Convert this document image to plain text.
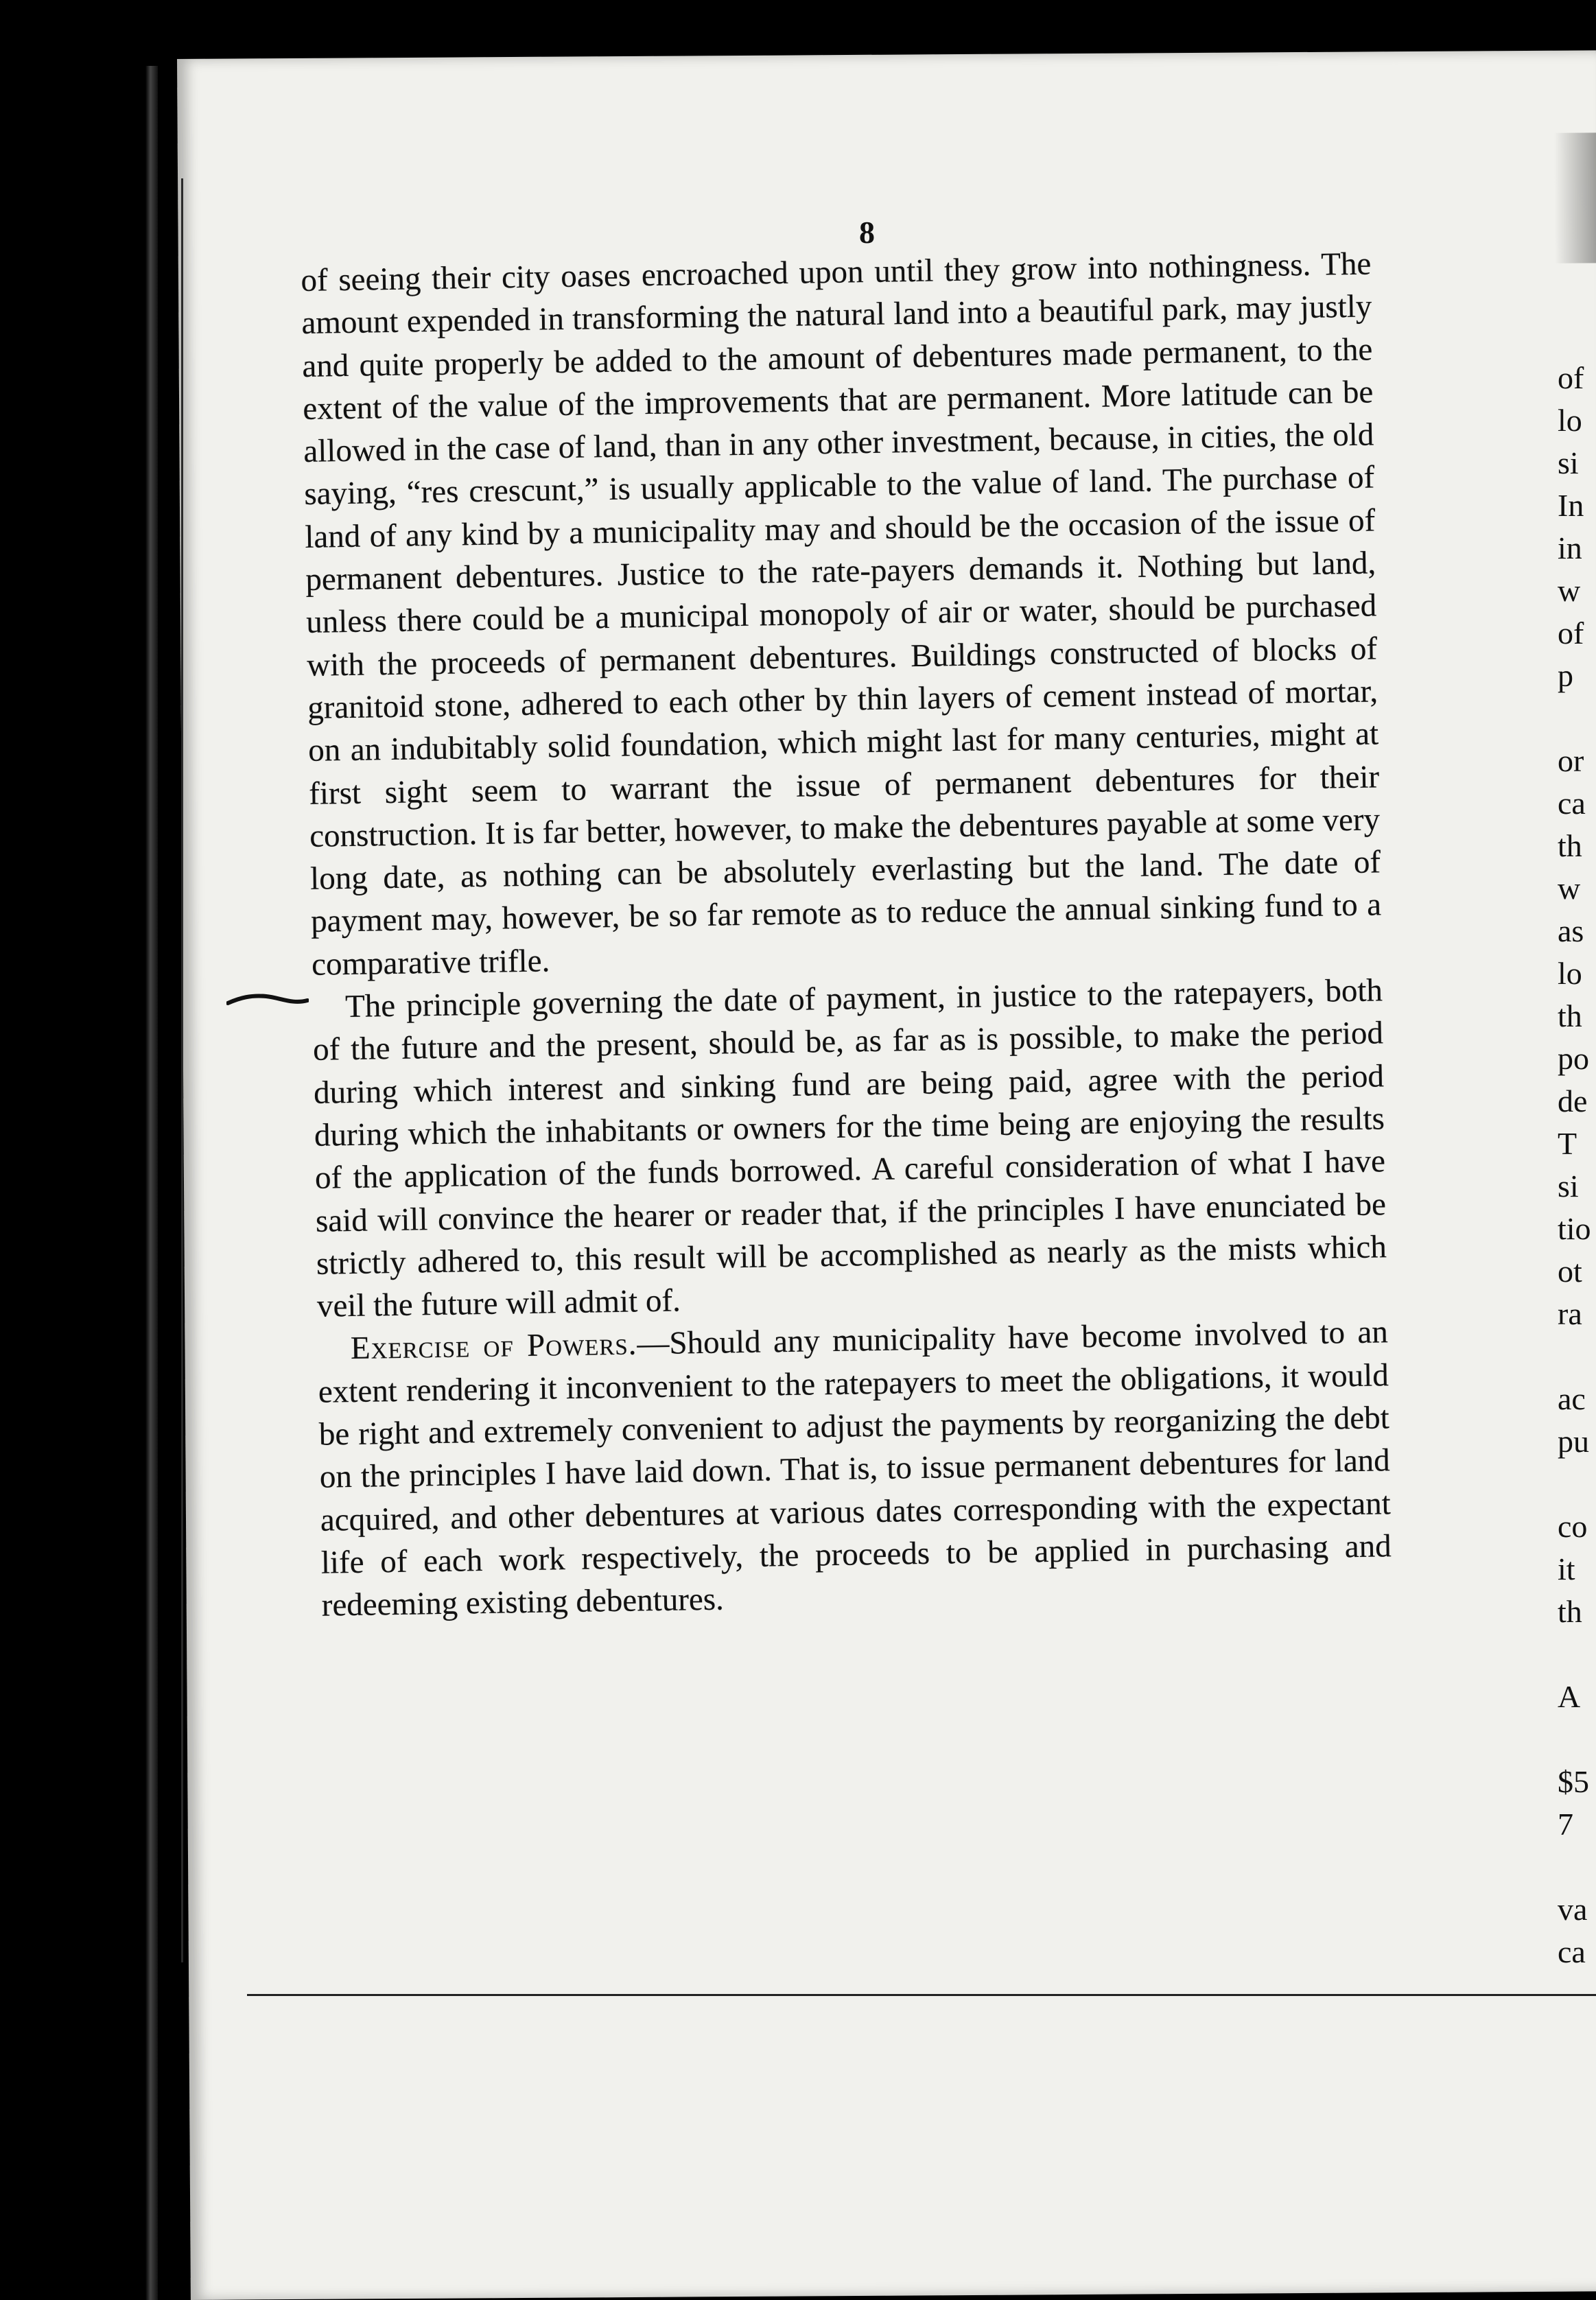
8

of seeing their city oases encroached upon until they grow into nothingness. The amount expended in transforming the natural land into a beautiful park, may justly and quite properly be added to the amount of debentures made permanent, to the extent of the value of the improvements that are permanent. More latitude can be allowed in the case of land, than in any other investment, because, in cities, the old saying, “res crescunt,” is usually applicable to the value of land. The purchase of land of any kind by a municipality may and should be the occasion of the issue of permanent debentures. Justice to the rate-payers demands it. Nothing but land, unless there could be a municipal monopoly of air or water, should be purchased with the proceeds of permanent debentures. Buildings constructed of blocks of granitoid stone, adhered to each other by thin layers of cement instead of mortar, on an indubitably solid foundation, which might last for many centuries, might at first sight seem to warrant the issue of permanent debentures for their construction. It is far better, however, to make the debentures payable at some very long date, as nothing can be absolutely everlasting but the land. The date of payment may, however, be so far remote as to reduce the annual sinking fund to a comparative trifle.

The principle governing the date of payment, in justice to the ratepayers, both of the future and the present, should be, as far as is possible, to make the period during which interest and sinking fund are being paid, agree with the period during which the inhabitants or owners for the time being are enjoying the results of the application of the funds borrowed. A careful consideration of what I have said will convince the hearer or reader that, if the principles I have enunciated be strictly adhered to, this result will be accomplished as nearly as the mists which veil the future will admit of.

Exercise of Powers.—Should any municipality have become involved to an extent rendering it inconvenient to the ratepayers to meet the obligations, it would be right and extremely convenient to adjust the payments by reorganizing the debt on the principles I have laid down. That is, to issue permanent debentures for land acquired, and other debentures at various dates corresponding with the expectant life of each work respectively, the proceeds to be applied in purchasing and redeeming existing debentures.

of
lo
si
In
in
w
of
p
or
ca
th
w
as
lo
th
po
de
T
si
tio
ot
ra
ac
pu
co
it
th
A
$5
7
va
ca
